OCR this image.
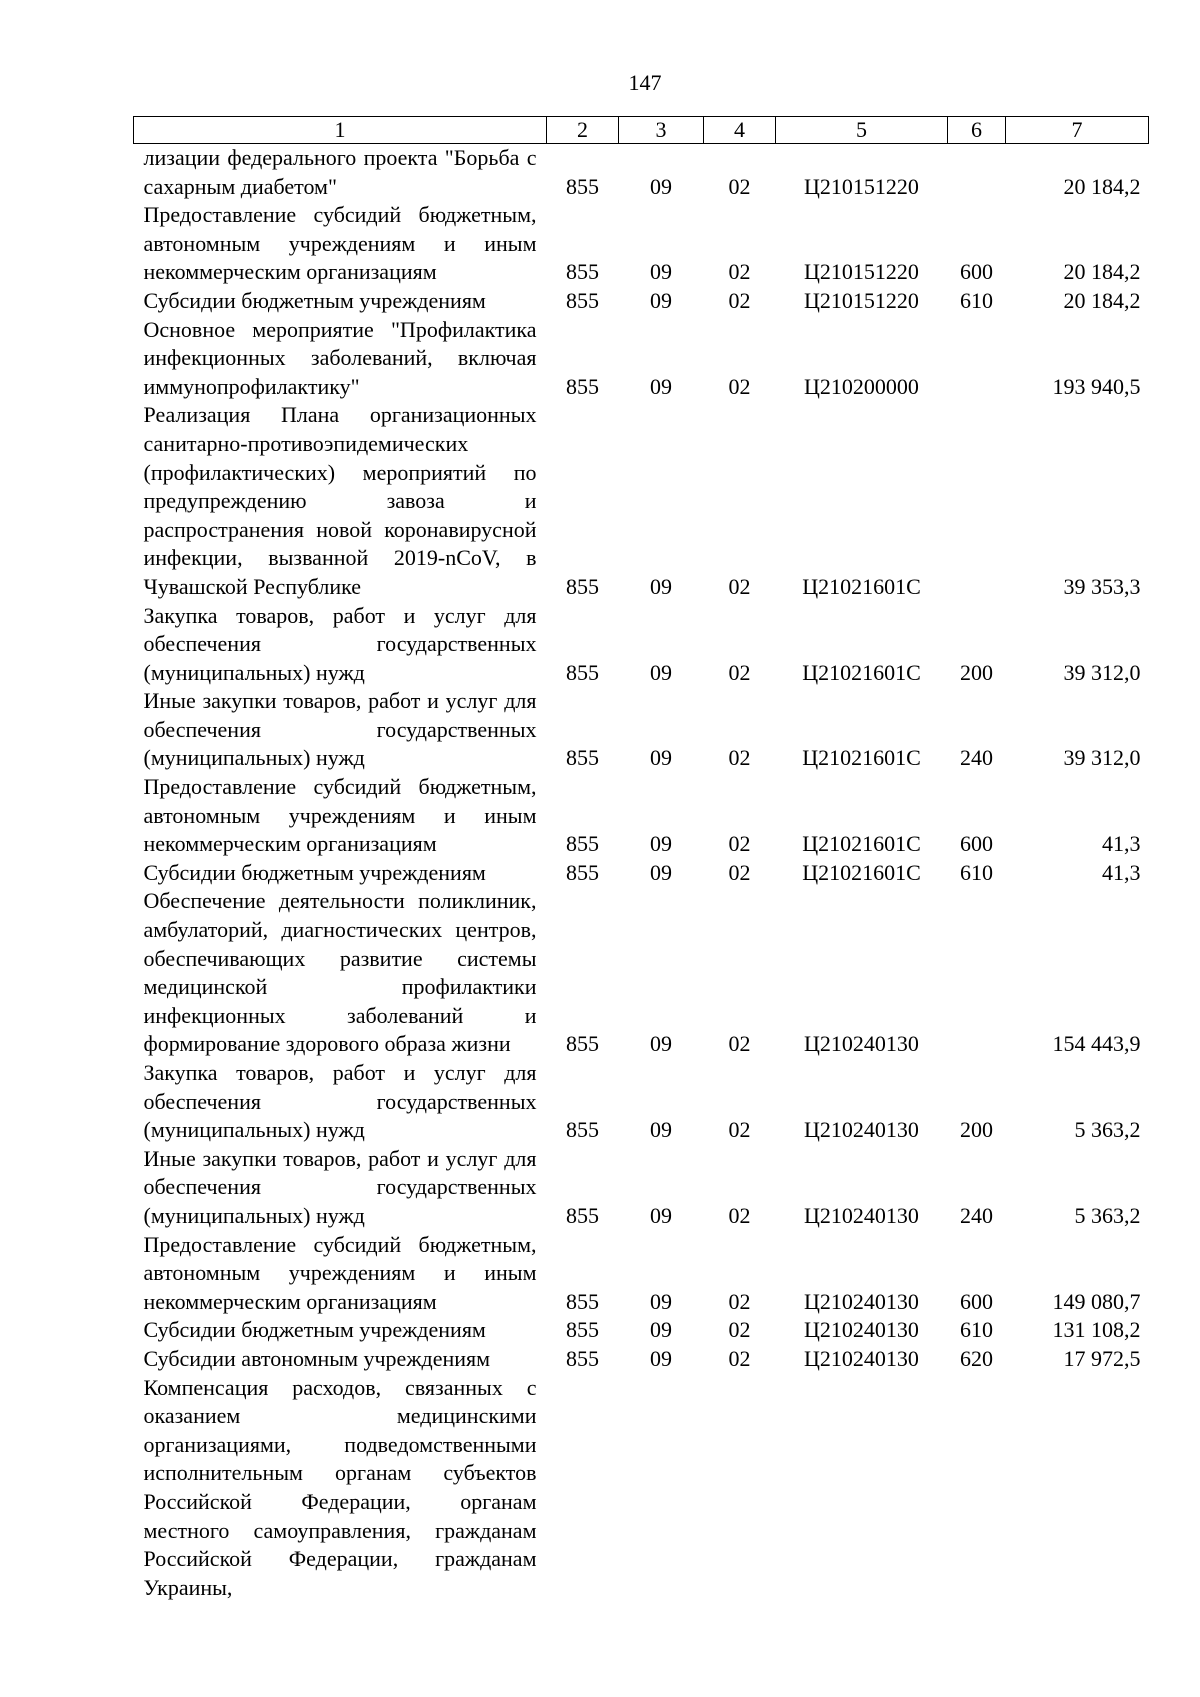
147
1	2	3	4	5	6	7
лизации федерального проекта "Борьба с сахарным диабетом"	855	09	02	Ц210151220		20 184,2
Предоставление субсидий бюджетным, автономным учреждениям и иным некоммерческим организациям	855	09	02	Ц210151220	600	20 184,2
Субсидии бюджетным учреждениям	855	09	02	Ц210151220	610	20 184,2
Основное мероприятие "Профилактика инфекционных заболеваний, включая иммунопрофилактику"	855	09	02	Ц210200000		193 940,5
Реализация Плана организационных санитарно-противоэпидемических (профилактических) мероприятий по предупреждению завоза и распространения новой коронавирусной инфекции, вызванной 2019-nCoV, в Чувашской Республике	855	09	02	Ц21021601С		39 353,3
Закупка товаров, работ и услуг для обеспечения государственных (муниципальных) нужд	855	09	02	Ц21021601С	200	39 312,0
Иные закупки товаров, работ и услуг для обеспечения государственных (муниципальных) нужд	855	09	02	Ц21021601С	240	39 312,0
Предоставление субсидий бюджетным, автономным учреждениям и иным некоммерческим организациям	855	09	02	Ц21021601С	600	41,3
Субсидии бюджетным учреждениям	855	09	02	Ц21021601С	610	41,3
Обеспечение деятельности поликлиник, амбулаторий, диагностических центров, обеспечивающих развитие системы медицинской профилактики инфекционных заболеваний и формирование здорового образа жизни	855	09	02	Ц210240130		154 443,9
Закупка товаров, работ и услуг для обеспечения государственных (муниципальных) нужд	855	09	02	Ц210240130	200	5 363,2
Иные закупки товаров, работ и услуг для обеспечения государственных (муниципальных) нужд	855	09	02	Ц210240130	240	5 363,2
Предоставление субсидий бюджетным, автономным учреждениям и иным некоммерческим организациям	855	09	02	Ц210240130	600	149 080,7
Субсидии бюджетным учреждениям	855	09	02	Ц210240130	610	131 108,2
Субсидии автономным учреждениям	855	09	02	Ц210240130	620	17 972,5
Компенсация расходов, связанных с оказанием медицинскими организациями, подведомственными исполнительным органам субъектов Российской Федерации, органам местного самоуправления, гражданам Российской Федерации, гражданам Украины,						
